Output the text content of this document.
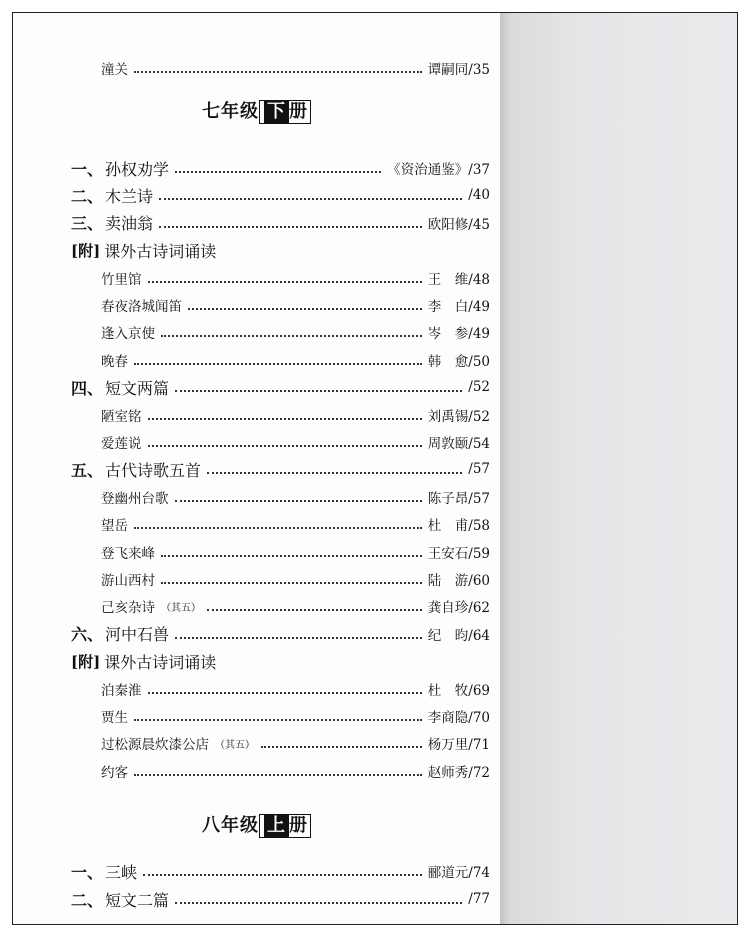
潼关	谭嗣同/35
七年级 下 册
一、 孙权劝学	《资治通鉴》/37
二、 木兰诗	/40
三、 卖油翁	欧阳修/45
[附] 课外古诗词诵读
竹里馆	王　维/48
春夜洛城闻笛	李　白/49
逢入京使	岑　参/49
晚春	韩　愈/50
四、 短文两篇	/52
陋室铭	刘禹锡/52
爱莲说	周敦颐/54
五、 古代诗歌五首	/57
登幽州台歌	陈子昂/57
望岳	杜　甫/58
登飞来峰	王安石/59
游山西村	陆　游/60
己亥杂诗 （其五）	龚自珍/62
六、 河中石兽	纪　昀/64
[附] 课外古诗词诵读
泊秦淮	杜　牧/69
贾生	李商隐/70
过松源晨炊漆公店 （其五）	杨万里/71
约客	赵师秀/72
八年级 上 册
一、 三峡	郦道元/74
二、 短文二篇	/77
